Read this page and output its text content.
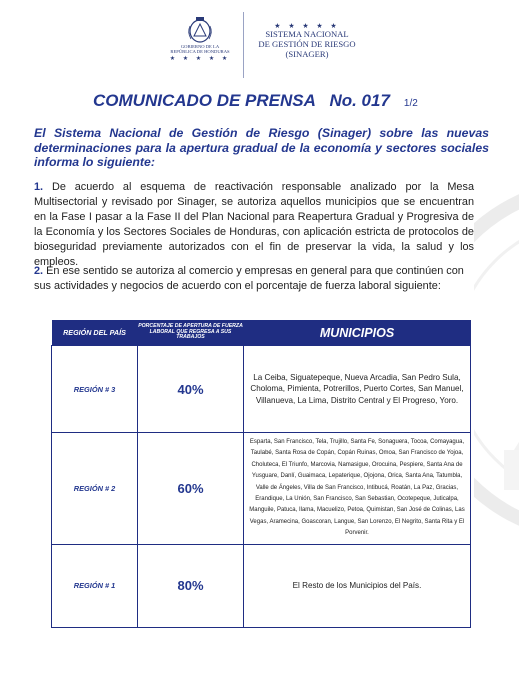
GOBIERNO DE LA
REPÚBLICA DE HONDURAS
★ ★ ★ ★ ★
★ ★ ★ ★ ★
SISTEMA NACIONAL
DE GESTIÓN DE RIESGO
(SINAGER)
COMUNICADO DE PRENSA   No. 017 1/2
El Sistema Nacional de Gestión de Riesgo (Sinager) sobre las nuevas determinaciones para la apertura gradual de la economía y sectores sociales informa lo siguiente:
1. De acuerdo al esquema de reactivación responsable analizado por la Mesa Multisectorial y revisado por Sinager, se autoriza aquellos municipios que se encuentran en la Fase I pasar a la Fase II del Plan Nacional para Reapertura Gradual y Progresiva de la Economía y los Sectores Sociales de Honduras, con aplicación estricta de protocolos de bioseguridad previamente autorizados con el fin de preservar la vida, la salud y los empleos.
2. En ese sentido se autoriza al comercio y empresas en general para que continúen con sus actividades y negocios de acuerdo con el porcentaje de fuerza laboral siguiente:
REGIÓN DEL PAÍS	PORCENTAJE DE APERTURA DE FUERZA LABORAL QUE REGRESA A SUS TRABAJOS	MUNICIPIOS
REGIÓN # 3	40%	La Ceiba, Siguatepeque, Nueva Arcadia, San Pedro Sula, Choloma, Pimienta, Potrerillos, Puerto Cortes, San Manuel, Villanueva, La Lima, Distrito Central y El Progreso, Yoro.
REGIÓN # 2	60%	Esparta, San Francisco, Tela, Trujillo, Santa Fe, Sonaguera, Tocoa, Comayagua, Taulabé, Santa Rosa de Copán, Copán Ruinas, Omoa, San Francisco de Yojoa, Choluteca, El Triunfo, Marcovia, Namasigue, Orocuina, Pespiere, Santa Ana de Yusguare, Danlí, Guaimaca, Lepaterique, Ojojona, Orica, Santa Ana, Tatumbla, Valle de Ángeles, Villa de San Francisco, Intibucá, Roatán, La Paz, Gracias, Erandique, La Unión, San Francisco, San Sebastian, Ocotepeque, Juticalpa, Manguile, Patuca, Ilama, Macuelizo, Petoa, Quimistan, San José de Colinas, Las Vegas, Aramecina, Goascoran, Langue, San Lorenzo, El Negrito, Santa Rita y El Porvenir.
REGIÓN # 1	80%	El Resto de los Municipios del País.
